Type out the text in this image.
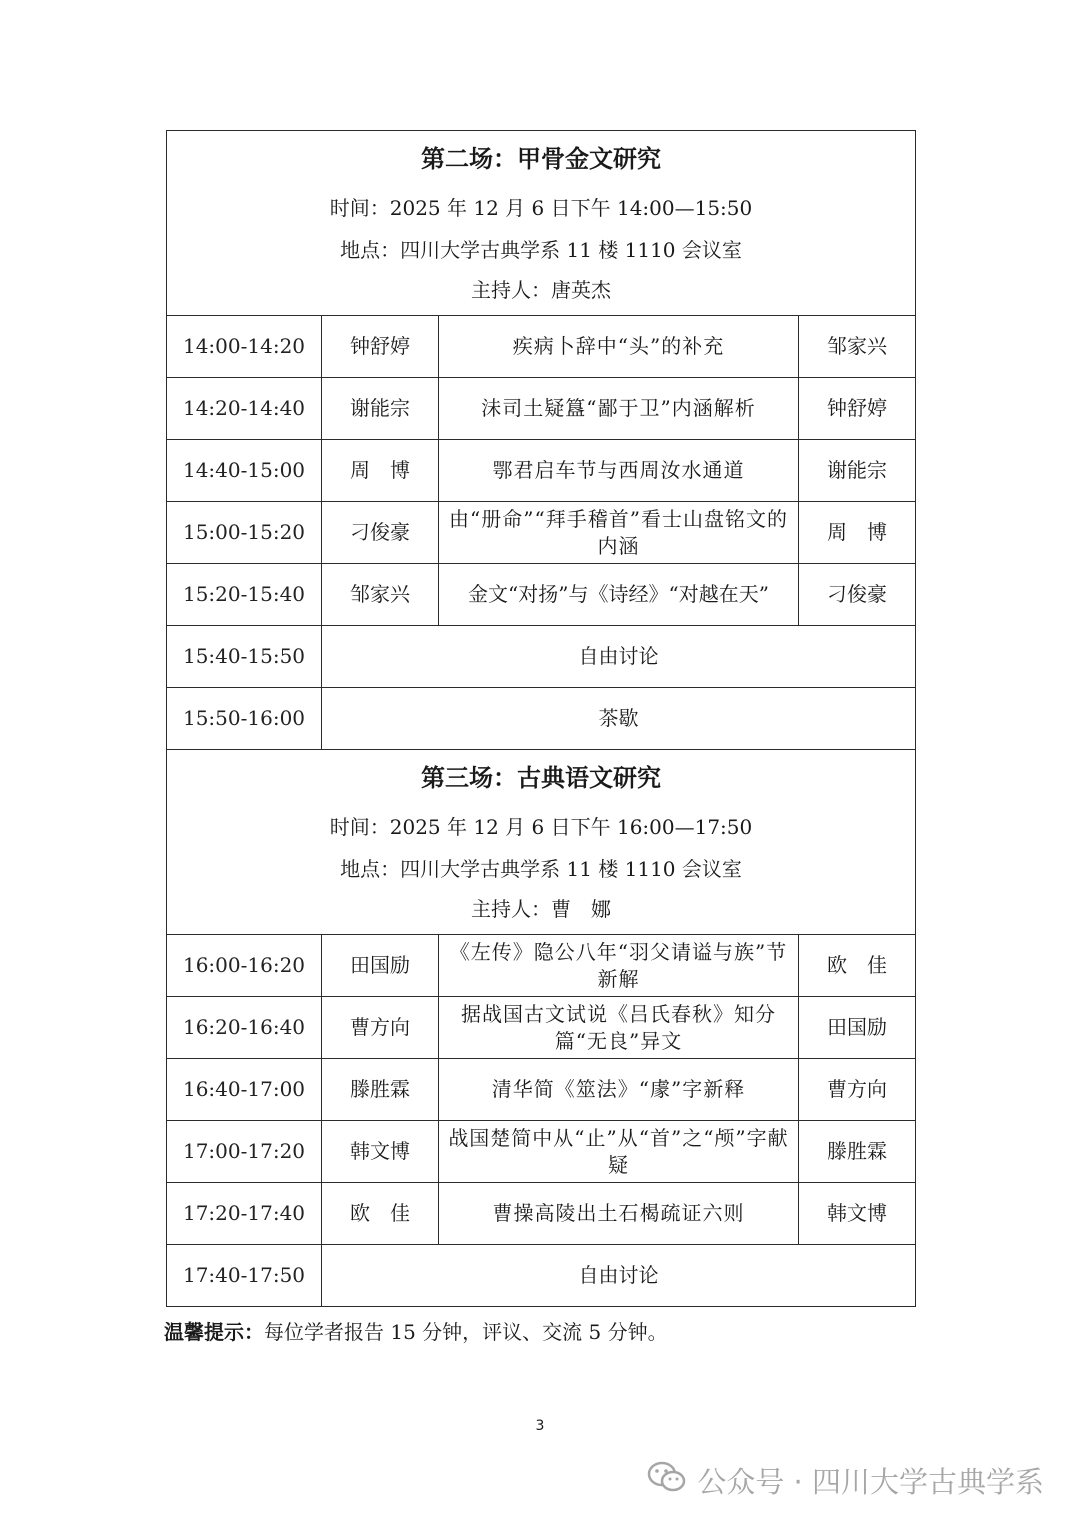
第二场：甲骨金文研究
时间：2025 年 12 月 6 日下午 14:00—15:50
地点：四川大学古典学系 11 楼 1110 会议室
主持人：唐英杰			

14:00-14:20	钟舒婷	疾病卜辞中“头”的补充	邹家兴
14:20-14:40	谢能宗	沬司土疑簋“鄙于卫”内涵解析	钟舒婷
14:40-15:00	周　博	鄂君启车节与西周汝水通道	谢能宗
15:00-15:20	刁俊豪	由“册命”“拜手稽首”看士山盘铭文的内涵	周　博
15:20-15:40	邹家兴	金文“对扬”与《诗经》“对越在天”	刁俊豪
15:40-15:50	自由讨论		
15:50-16:00	茶歇		

第三场：古典语文研究
时间：2025 年 12 月 6 日下午 16:00—17:50
地点：四川大学古典学系 11 楼 1110 会议室
主持人：曹　娜			

16:00-16:20	田国励	《左传》隐公八年“羽父请谥与族”节新解	欧　佳
16:20-16:40	曹方向	据战国古文试说《吕氏春秋》知分篇“无良”异文	田国励
16:40-17:00	滕胜霖	清华简《筮法》“豦”字新释	曹方向
17:00-17:20	韩文博	战国楚简中从“止”从“首”之“颅”字献疑	滕胜霖
17:20-17:40	欧　佳	曹操高陵出土石楬疏证六则	韩文博
17:40-17:50	自由讨论		
温馨提示：每位学者报告 15 分钟，评议、交流 5 分钟。
3
公众号 · 四川大学古典学系
